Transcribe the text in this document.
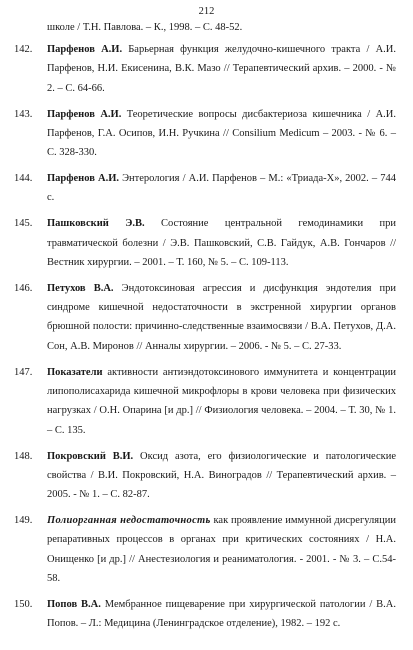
212
школе / Т.Н. Павлова. – К., 1998. – С. 48-52.
142.	Парфенов А.И. Барьерная функция желудочно-кишечного тракта / А.И. Парфенов, Н.И. Екисенина, В.К. Мазо // Терапевтический архив. – 2000. - № 2. – С. 64-66.
143.	Парфенов А.И. Теоретические вопросы дисбактериоза кишечника / А.И. Парфенов, Г.А. Осипов, И.Н. Ручкина // Consilium Medicum – 2003. - № 6. – С. 328-330.
144.	Парфенов А.И. Энтерология / А.И. Парфенов – М.: «Триада-Х», 2002. – 744 с.
145.	Пашковский Э.В. Состояние центральной гемодинамики при травматической болезни / Э.В. Пашковский, С.В. Гайдук, А.В. Гончаров // Вестник хирургии. – 2001. – Т. 160, № 5. – С. 109-113.
146.	Петухов В.А. Эндотоксиновая агрессия и дисфункция эндотелия при синдроме кишечной недостаточности в экстренной хирургии органов брюшной полости: причинно-следственные взаимосвязи / В.А. Петухов, Д.А. Сон, А.В. Миронов // Анналы хирургии. – 2006. - № 5. – С. 27-33.
147.	Показатели активности антиэндотоксинового иммунитета и концентрации липополисахарида кишечной микрофлоры в крови человека при физических нагрузках / О.Н. Опарина [и др.] // Физиология человека. – 2004. – Т. 30, № 1. – С. 135.
148.	Покровский В.И. Оксид азота, его физиологические и патологические свойства / В.И. Покровский, Н.А. Виноградов // Терапевтический архив. – 2005. - № 1. – С. 82-87.
149.	Полиорганная недостаточность как проявление иммунной дисрегуляции репаративных процессов в органах при критических состояниях / Н.А. Онищенко [и др.] // Анестезиология и реаниматология. - 2001. - № 3. – С.54-58.
150.	Попов В.А. Мембранное пищеварение при хирургической патологии / В.А. Попов. – Л.: Медицина (Ленинградское отделение), 1982. – 192 с.
